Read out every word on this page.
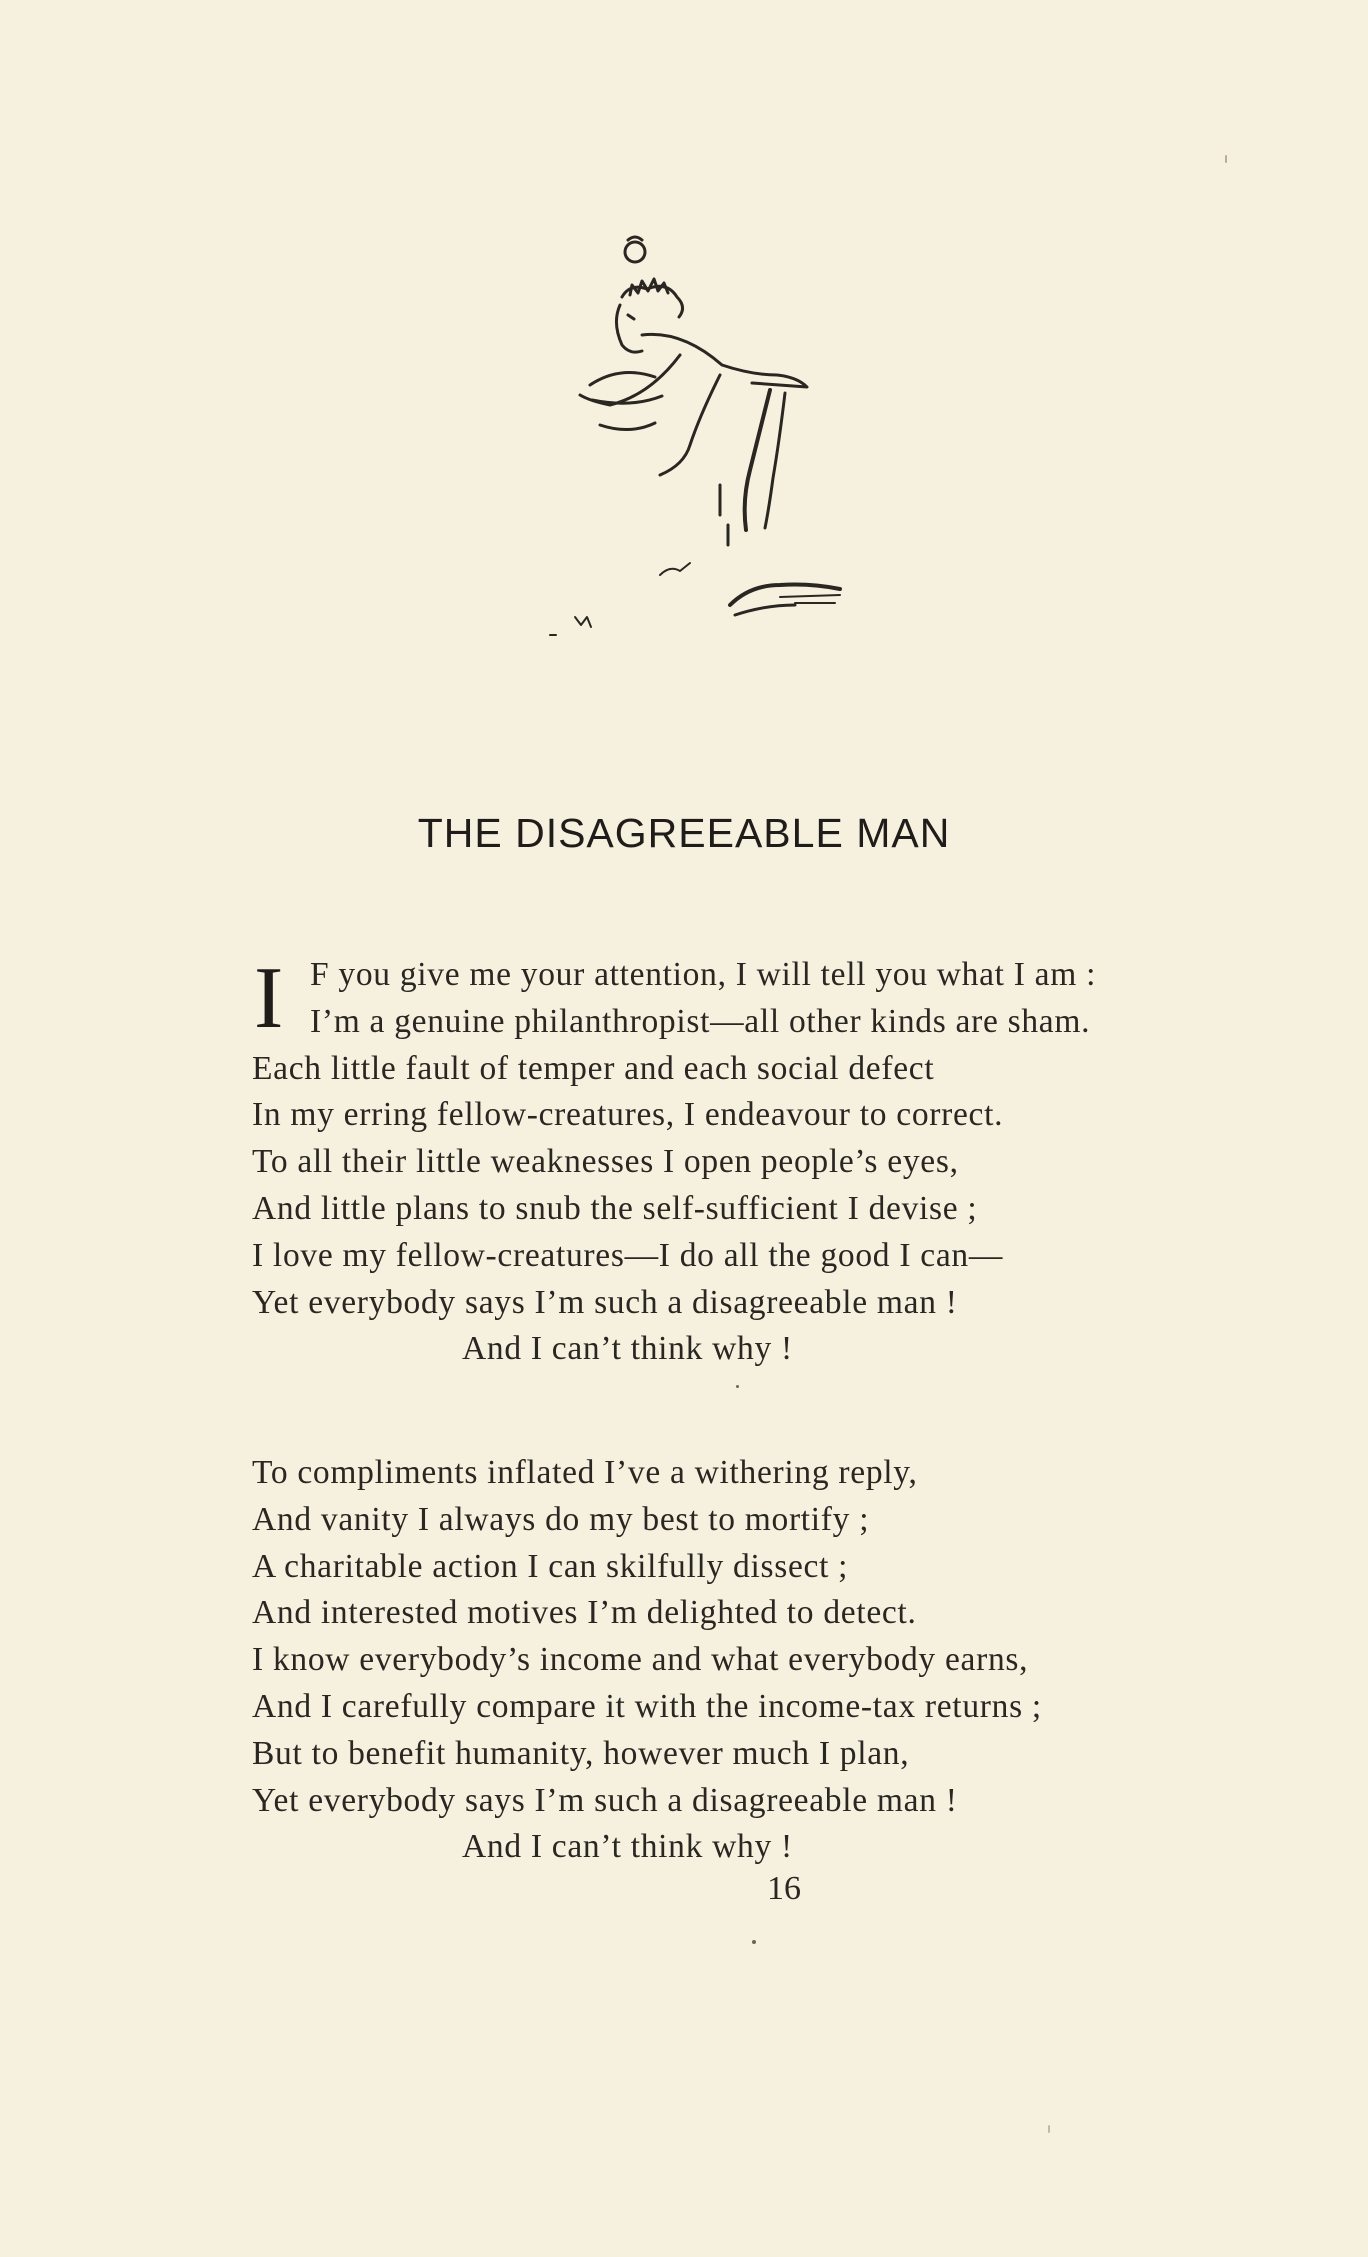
THE DISAGREEABLE MAN
I F you give me your attention, I will tell you what I am :
I’m a genuine philanthropist—all other kinds are sham.
Each little fault of temper and each social defect
In my erring fellow-creatures, I endeavour to correct.
To all their little weaknesses I open people’s eyes,
And little plans to snub the self-sufficient I devise ;
I love my fellow-creatures—I do all the good I can—
Yet everybody says I’m such a disagreeable man !
And I can’t think why !
To compliments inflated I’ve a withering reply,
And vanity I always do my best to mortify ;
A charitable action I can skilfully dissect ;
And interested motives I’m delighted to detect.
I know everybody’s income and what everybody earns,
And I carefully compare it with the income-tax returns ;
But to benefit humanity, however much I plan,
Yet everybody says I’m such a disagreeable man !
And I can’t think why !
16
